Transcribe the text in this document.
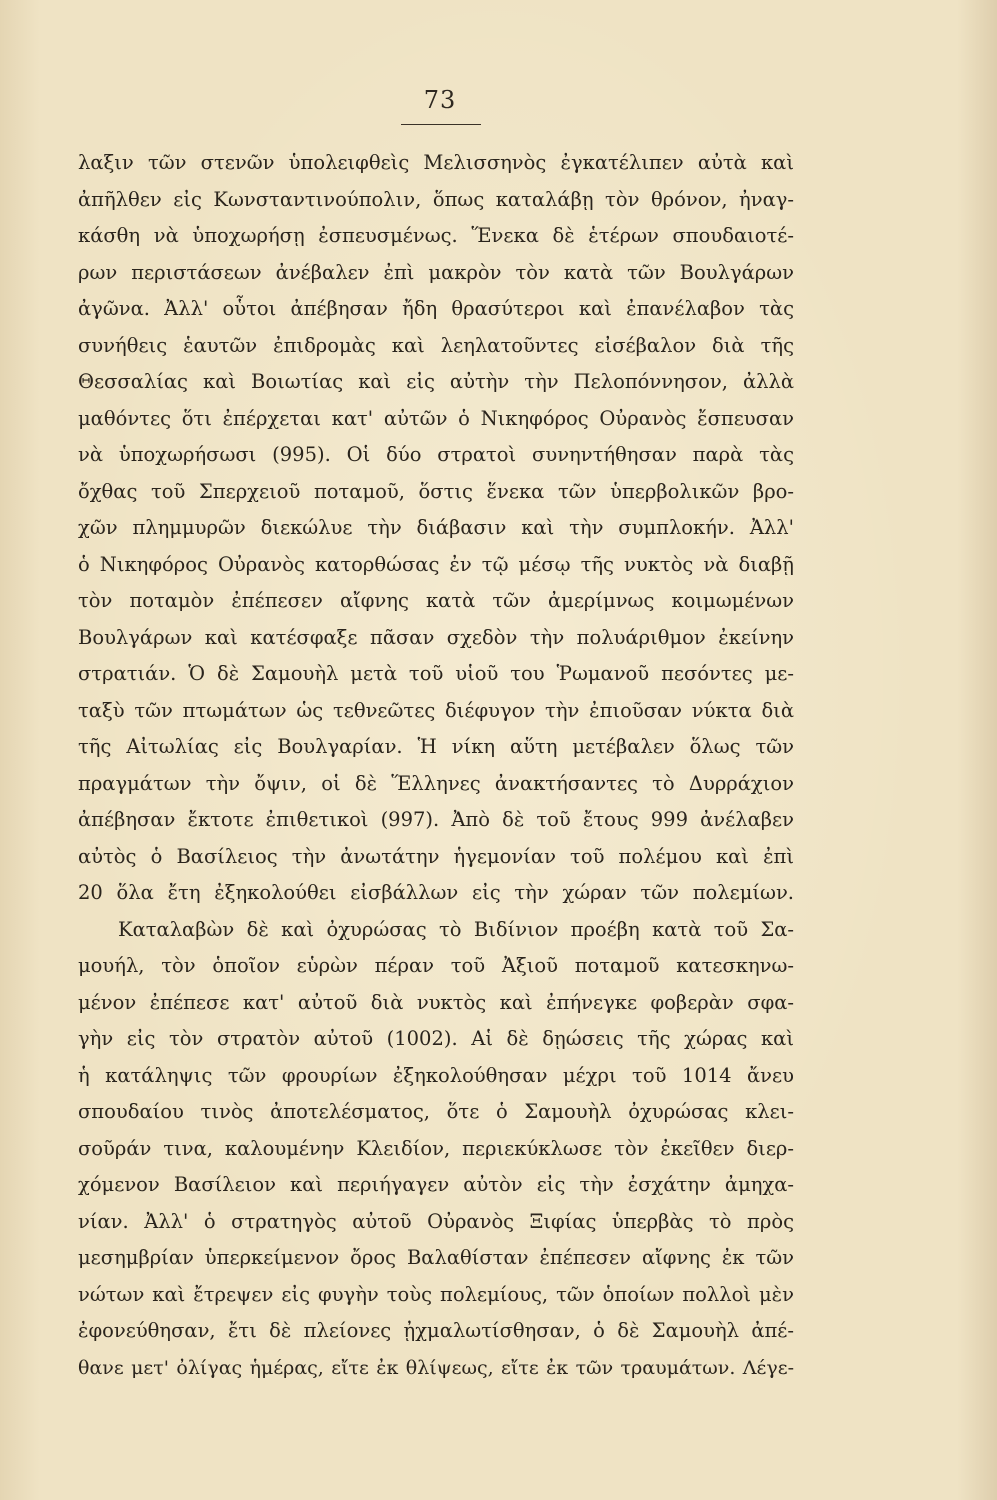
73
λαξιν τῶν στενῶν ὑπολειφθεὶς Μελισσηνὸς ἐγκατέλιπεν αὐτὰ καὶ
ἀπῆλθεν εἰς Κωνσταντινούπολιν, ὅπως καταλάβῃ τὸν θρόνον, ἠναγ-
κάσθη νὰ ὑποχωρήσῃ ἐσπευσμένως. Ἕνεκα δὲ ἑτέρων σπουδαιοτέ-
ρων περιστάσεων ἀνέβαλεν ἐπὶ μακρὸν τὸν κατὰ τῶν Βουλγάρων
ἀγῶνα. Ἀλλ' οὗτοι ἀπέβησαν ἤδη θρασύτεροι καὶ ἐπανέλαβον τὰς
συνήθεις ἑαυτῶν ἐπιδρομὰς καὶ λεηλατοῦντες εἰσέβαλον διὰ τῆς
Θεσσαλίας καὶ Βοιωτίας καὶ εἰς αὐτὴν τὴν Πελοπόννησον, ἀλλὰ
μαθόντες ὅτι ἐπέρχεται κατ' αὐτῶν ὁ Νικηφόρος Οὐρανὸς ἔσπευσαν
νὰ ὑποχωρήσωσι (995). Οἱ δύο στρατοὶ συνηντήθησαν παρὰ τὰς
ὄχθας τοῦ Σπερχειοῦ ποταμοῦ, ὅστις ἕνεκα τῶν ὑπερβολικῶν βρο-
χῶν πλημμυρῶν διεκώλυε τὴν διάβασιν καὶ τὴν συμπλοκήν. Ἀλλ'
ὁ Νικηφόρος Οὐρανὸς κατορθώσας ἐν τῷ μέσῳ τῆς νυκτὸς νὰ διαβῇ
τὸν ποταμὸν ἐπέπεσεν αἴφνης κατὰ τῶν ἀμερίμνως κοιμωμένων
Βουλγάρων καὶ κατέσφαξε πᾶσαν σχεδὸν τὴν πολυάριθμον ἐκείνην
στρατιάν. Ὁ δὲ Σαμουὴλ μετὰ τοῦ υἱοῦ του Ῥωμανοῦ πεσόντες με-
ταξὺ τῶν πτωμάτων ὡς τεθνεῶτες διέφυγον τὴν ἐπιοῦσαν νύκτα διὰ
τῆς Αἰτωλίας εἰς Βουλγαρίαν. Ἡ νίκη αὕτη μετέβαλεν ὅλως τῶν
πραγμάτων τὴν ὄψιν, οἱ δὲ Ἕλληνες ἀνακτήσαντες τὸ Δυρράχιον
ἀπέβησαν ἔκτοτε ἐπιθετικοὶ (997). Ἀπὸ δὲ τοῦ ἔτους 999 ἀνέλαβεν
αὐτὸς ὁ Βασίλειος τὴν ἀνωτάτην ἡγεμονίαν τοῦ πολέμου καὶ ἐπὶ
20 ὅλα ἔτη ἐξηκολούθει εἰσβάλλων εἰς τὴν χώραν τῶν πολεμίων.
Καταλαβὼν δὲ καὶ ὀχυρώσας τὸ Βιδίνιον προέβη κατὰ τοῦ Σα-
μουήλ, τὸν ὁποῖον εὑρὼν πέραν τοῦ Ἀξιοῦ ποταμοῦ κατεσκηνω-
μένον ἐπέπεσε κατ' αὐτοῦ διὰ νυκτὸς καὶ ἐπήνεγκε φοβερὰν σφα-
γὴν εἰς τὸν στρατὸν αὐτοῦ (1002). Αἱ δὲ δῃώσεις τῆς χώρας καὶ
ἡ κατάληψις τῶν φρουρίων ἐξηκολούθησαν μέχρι τοῦ 1014 ἄνευ
σπουδαίου τινὸς ἀποτελέσματος, ὅτε ὁ Σαμουὴλ ὀχυρώσας κλει-
σοῦράν τινα, καλουμένην Κλειδίον, περιεκύκλωσε τὸν ἐκεῖθεν διερ-
χόμενον Βασίλειον καὶ περιήγαγεν αὐτὸν εἰς τὴν ἐσχάτην ἀμηχα-
νίαν. Ἀλλ' ὁ στρατηγὸς αὐτοῦ Οὐρανὸς Ξιφίας ὑπερβὰς τὸ πρὸς
μεσημβρίαν ὑπερκείμενον ὄρος Βαλαθίσταν ἐπέπεσεν αἴφνης ἐκ τῶν
νώτων καὶ ἔτρεψεν εἰς φυγὴν τοὺς πολεμίους, τῶν ὁποίων πολλοὶ μὲν
ἐφονεύθησαν, ἔτι δὲ πλείονες ᾐχμαλωτίσθησαν, ὁ δὲ Σαμουὴλ ἀπέ-
θανε μετ' ὀλίγας ἡμέρας, εἴτε ἐκ θλίψεως, εἴτε ἐκ τῶν τραυμάτων. Λέγε-
